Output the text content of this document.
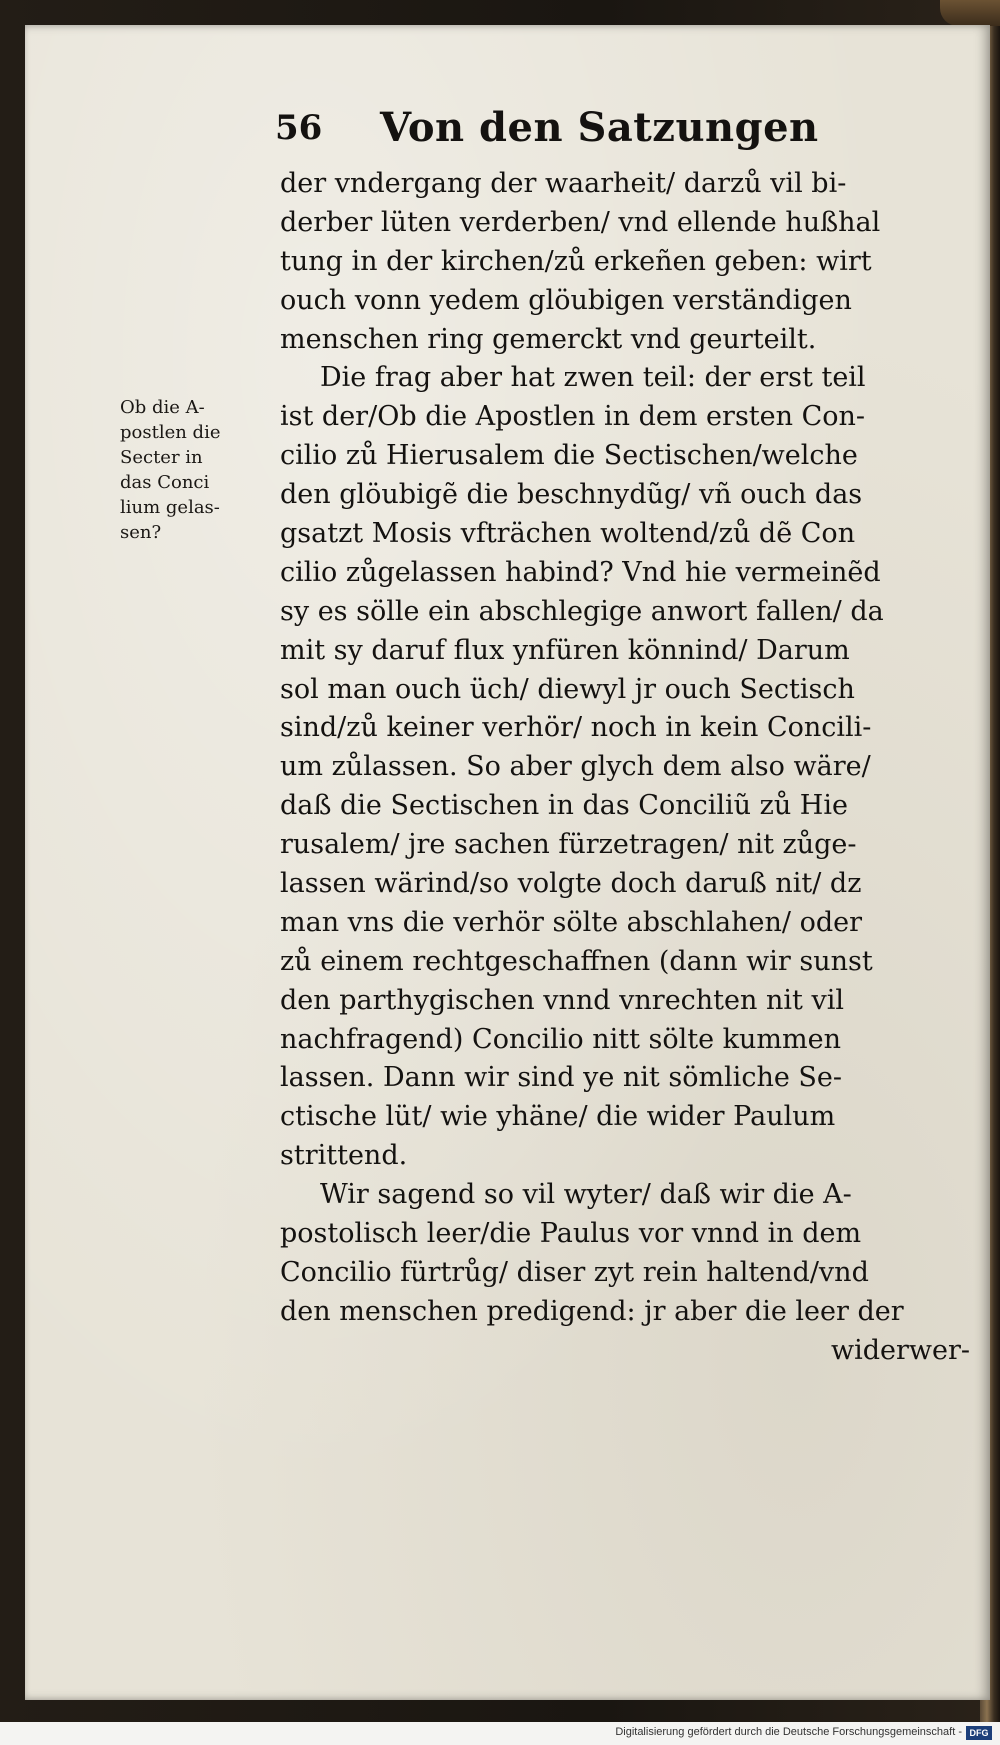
56 Von den Satzungen
Ob die A-
postlen die
Secter in
das Conci
lium gelas-
sen?
der vndergang der waarheit/ darzů vil bi-
derber lüten verderben/ vnd ellende hußhal
tung in der kirchen/zů erkeñen geben: wirt
ouch vonn yedem glöubigen verständigen
menschen ring gemerckt vnd geurteilt.
Die frag aber hat zwen teil: der erst teil
ist der/Ob die Apostlen in dem ersten Con-
cilio zů Hierusalem die Sectischen/welche
den glöubigẽ die beschnydũg/ vñ ouch das
gsatzt Mosis vfträchen woltend/zů dẽ Con
cilio zůgelassen habind? Vnd hie vermeinẽd
sy es sölle ein abschlegige anwort fallen/ da
mit sy daruf flux ynfüren könnind/ Darum
sol man ouch üch/ diewyl jr ouch Sectisch
sind/zů keiner verhör/ noch in kein Concili-
um zůlassen. So aber glych dem also wäre/
daß die Sectischen in das Conciliũ zů Hie
rusalem/ jre sachen fürzetragen/ nit zůge-
lassen wärind/so volgte doch daruß nit/ dz
man vns die verhör sölte abschlahen/ oder
zů einem rechtgeschaffnen (dann wir sunst
den parthygischen vnnd vnrechten nit vil
nachfragend) Concilio nitt sölte kummen
lassen. Dann wir sind ye nit sömliche Se-
ctische lüt/ wie yhäne/ die wider Paulum
strittend.
Wir sagend so vil wyter/ daß wir die A-
postolisch leer/die Paulus vor vnnd in dem
Concilio fürtrůg/ diser zyt rein haltend/vnd
den menschen predigend: jr aber die leer der
widerwer-
Digitalisierung gefördert durch die Deutsche Forschungsgemeinschaft - DFG
